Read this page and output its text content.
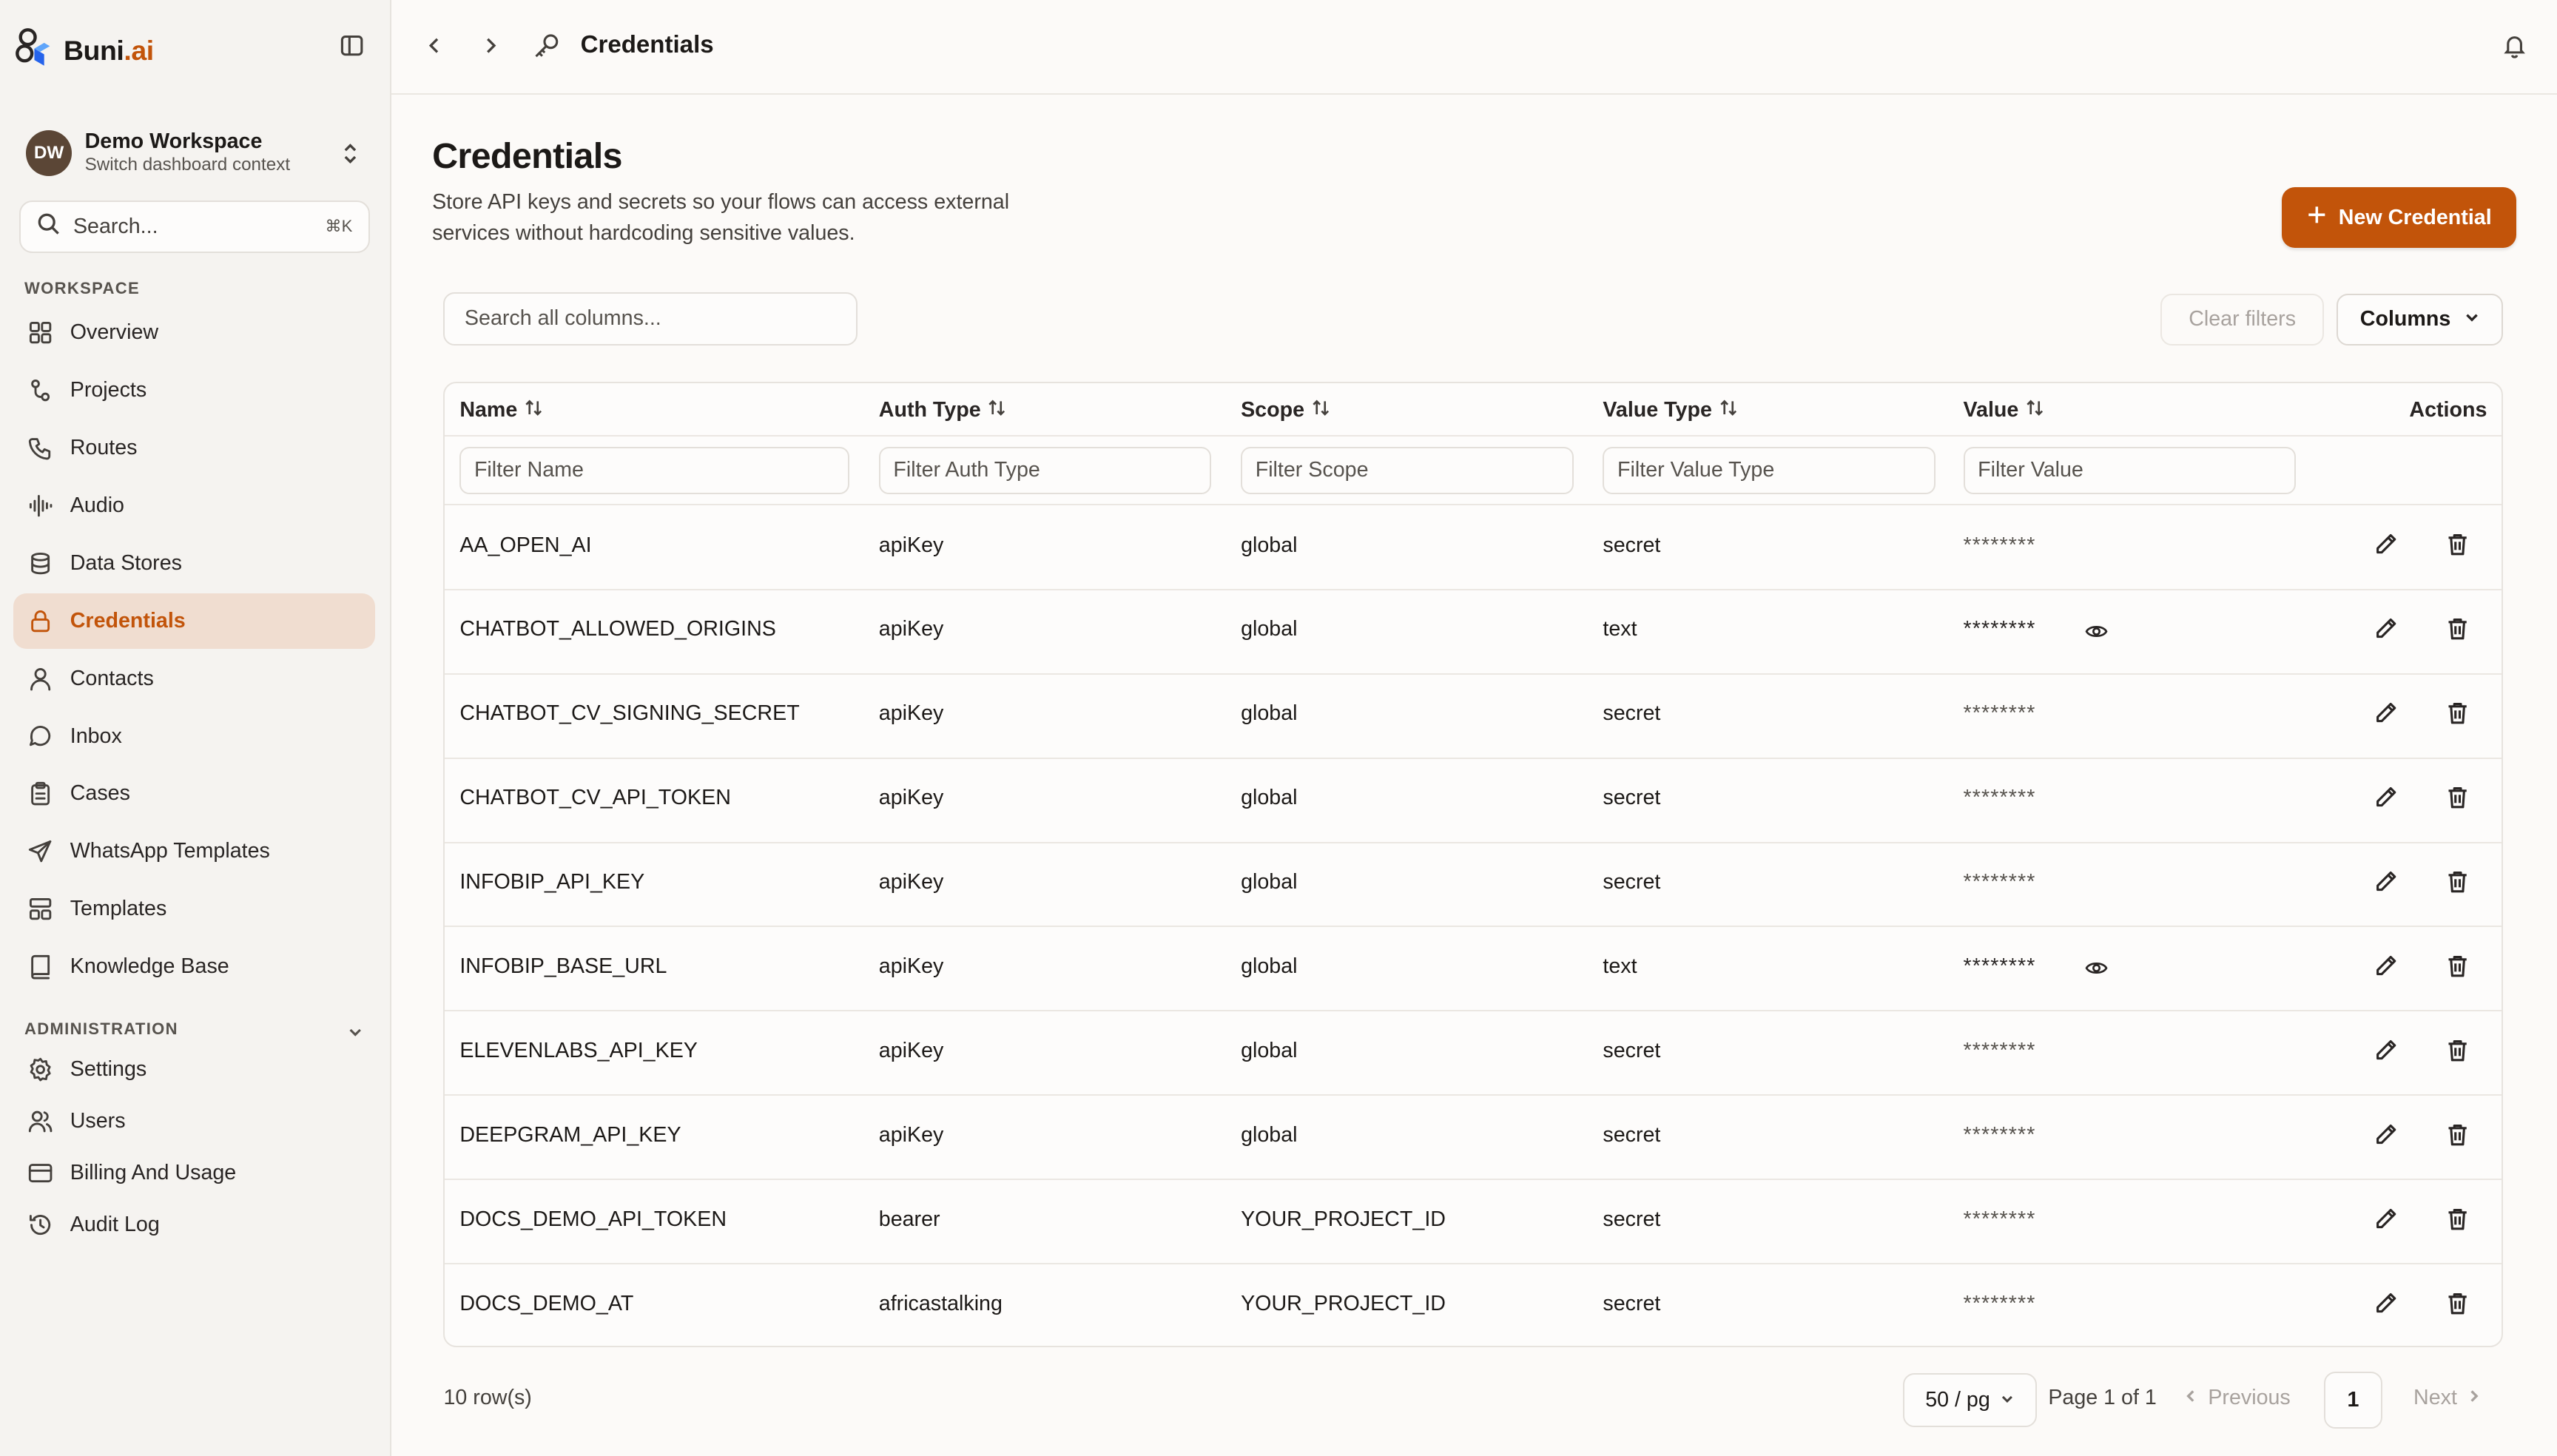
Buni.ai
DW	Demo Workspace
Switch dashboard context
Search...	⌘K
WORKSPACE
Overview
Projects
Routes
Audio
Data Stores
Credentials
Contacts
Inbox
Cases
WhatsApp Templates
Templates
Knowledge Base
ADMINISTRATION
Settings
Users
Billing And Usage
Audit Log
Credentials
Credentials

Store API keys and secrets so your flows can access external services without hardcoding sensitive values.

New Credential
Search all columns...	Clear filters	Columns
Name	Auth Type	Scope	Value Type	Value	Actions
Filter Name	Filter Auth Type	Filter Scope	Filter Value Type	Filter Value
AA_OPEN_AI	apiKey	global	secret	********
CHATBOT_ALLOWED_ORIGINS	apiKey	global	text	********
CHATBOT_CV_SIGNING_SECRET	apiKey	global	secret	********
CHATBOT_CV_API_TOKEN	apiKey	global	secret	********
INFOBIP_API_KEY	apiKey	global	secret	********
INFOBIP_BASE_URL	apiKey	global	text	********
ELEVENLABS_API_KEY	apiKey	global	secret	********
DEEPGRAM_API_KEY	apiKey	global	secret	********
DOCS_DEMO_API_TOKEN	bearer	YOUR_PROJECT_ID	secret	********
DOCS_DEMO_AT	africastalking	YOUR_PROJECT_ID	secret	********
10 row(s)	50 / pg	Page 1 of 1	Previous	1	Next
